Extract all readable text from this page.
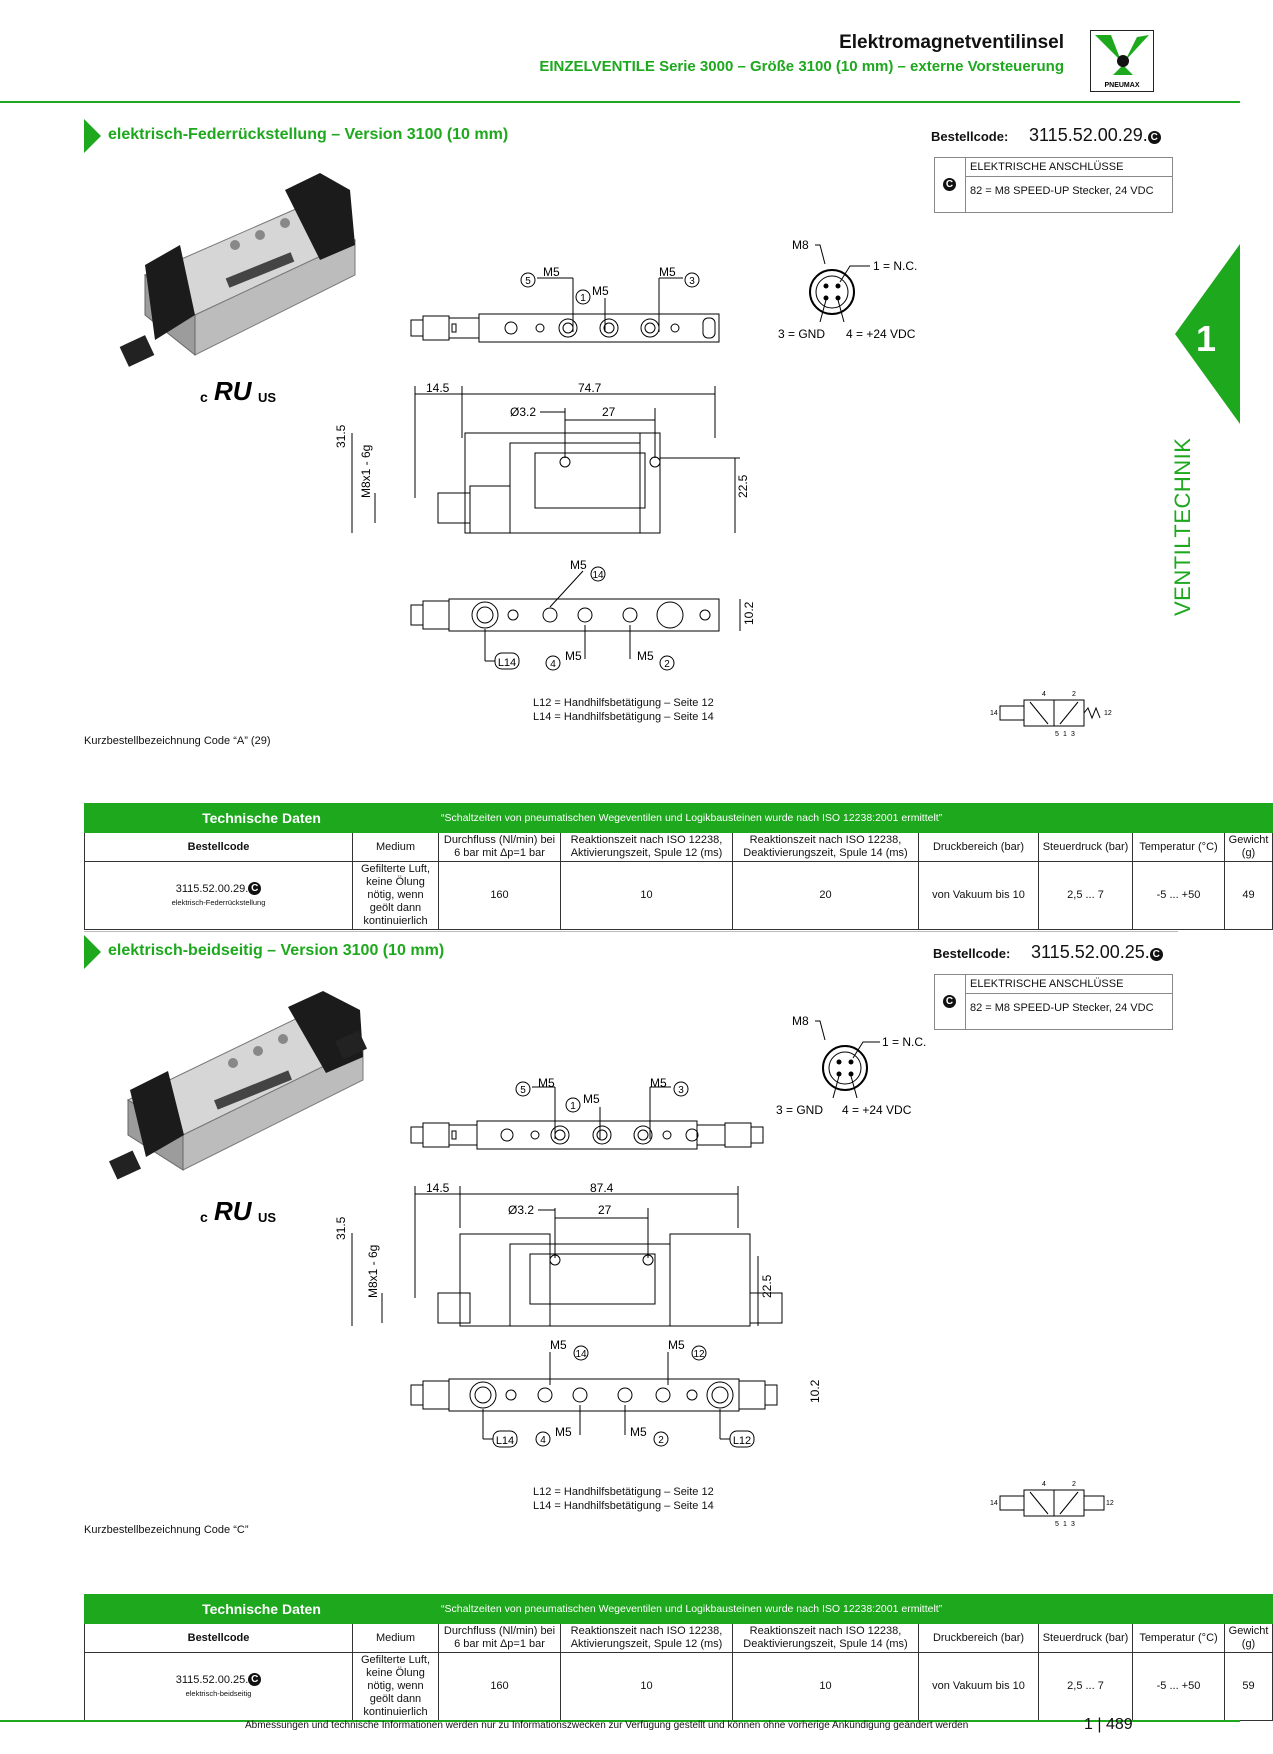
Elektromagnetventilinsel
EINZELVENTILE Serie 3000 – Größe 3100 (10 mm) – externe Vorsteuerung
PNEUMAX
1
VENTILTECHNIK
elektrisch-Federrückstellung – Version 3100 (10 mm)	Bestellcode: 3115.52.00.29. C
C
ELEKTRISCHE ANSCHLÜSSE
82 = M8 SPEED-UP Stecker, 24 VDC
c RU US
M8
1 = N.C.
3 = GND 4 = +24 VDC
5
M5
1
M5
M5
3
14.5	74.7
Ø3.2	27
31.5
M8x1 - 6g	22.5
M5
14
10.2
L14	4
M5	M5
2
L12 = Handhilfsbetätigung – Seite 12
L14 = Handhilfsbetätigung – Seite 14	14	12
4	2
5 1 3
Kurzbestellbezeichnung Code “A” (29)
Technische Daten		“Schaltzeiten von pneumatischen Wegeventilen und Logikbausteinen wurde nach ISO 12238:2001 ermittelt”						
Bestellcode	Medium	Durchfluss (Nl/min) bei 6 bar mit Δp=1 bar	Reaktionszeit nach ISO 12238, Aktivierungszeit, Spule 12 (ms)	Reaktionszeit nach ISO 12238, Deaktivierungszeit, Spule 14 (ms)	Druckbereich (bar)	Steuerdruck (bar)	Temperatur (°C)	Gewicht (g)
3115.52.00.29. C
elektrisch-Federrückstellung	Gefilterte Luft, keine Ölung nötig, wenn geölt dann kontinuierlich	160	10	20	von Vakuum bis 10	2,5 ... 7	-5 ... +50	49
elektrisch-beidseitig – Version 3100 (10 mm)	Bestellcode: 3115.52.00.25. C
C
ELEKTRISCHE ANSCHLÜSSE
82 = M8 SPEED-UP Stecker, 24 VDC
c RU US
M8
1 = N.C.
3 = GND 4 = +24 VDC
5
M5
1
M5
M5
3
14.5	87.4
Ø3.2	27
31.5
M8x1 - 6g	22.5
M5
14
M5
12
10.2
L14	4
M5	M5
2	L12
L12 = Handhilfsbetätigung – Seite 12
L14 = Handhilfsbetätigung – Seite 14	14	12
4	2
5 1 3
Kurzbestellbezeichnung Code “C”
Technische Daten		“Schaltzeiten von pneumatischen Wegeventilen und Logikbausteinen wurde nach ISO 12238:2001 ermittelt”						
Bestellcode	Medium	Durchfluss (Nl/min) bei 6 bar mit Δp=1 bar	Reaktionszeit nach ISO 12238, Aktivierungszeit, Spule 12 (ms)	Reaktionszeit nach ISO 12238, Deaktivierungszeit, Spule 14 (ms)	Druckbereich (bar)	Steuerdruck (bar)	Temperatur (°C)	Gewicht (g)
3115.52.00.25. C
elektrisch-beidseitig	Gefilterte Luft, keine Ölung nötig, wenn geölt dann kontinuierlich	160	10	10	von Vakuum bis 10	2,5 ... 7	-5 ... +50	59
Abmessungen und technische Informationen werden nur zu Informationszwecken zur Verfügung gestellt und können ohne vorherige Ankündigung geändert werden	1 | 489
